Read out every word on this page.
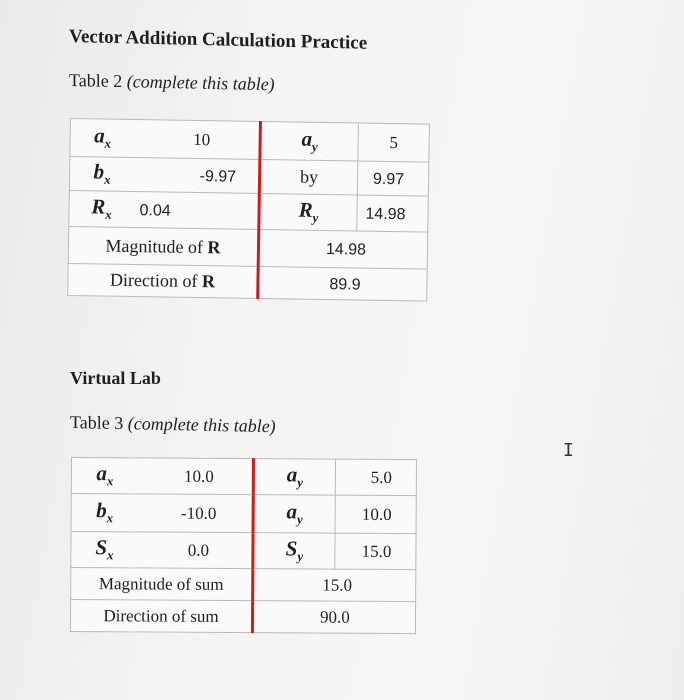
Vector Addition Calculation Practice
Table 2 (complete this table)
$a_x$	10	$a_y$	5
$b_x$	-9.97	by	9.97
$R_x$	0.04	$R_y$	14.98
Magnitude of R		14.98	
Direction of R		89.9	
Virtual Lab
Table 3 (complete this table)
$a_x$	10.0	$a_y$	5.0
$b_x$	-10.0	$a_y$	10.0
$S_x$	0.0	$S_y$	15.0
Magnitude of sum		15.0	
Direction of sum		90.0	
I
